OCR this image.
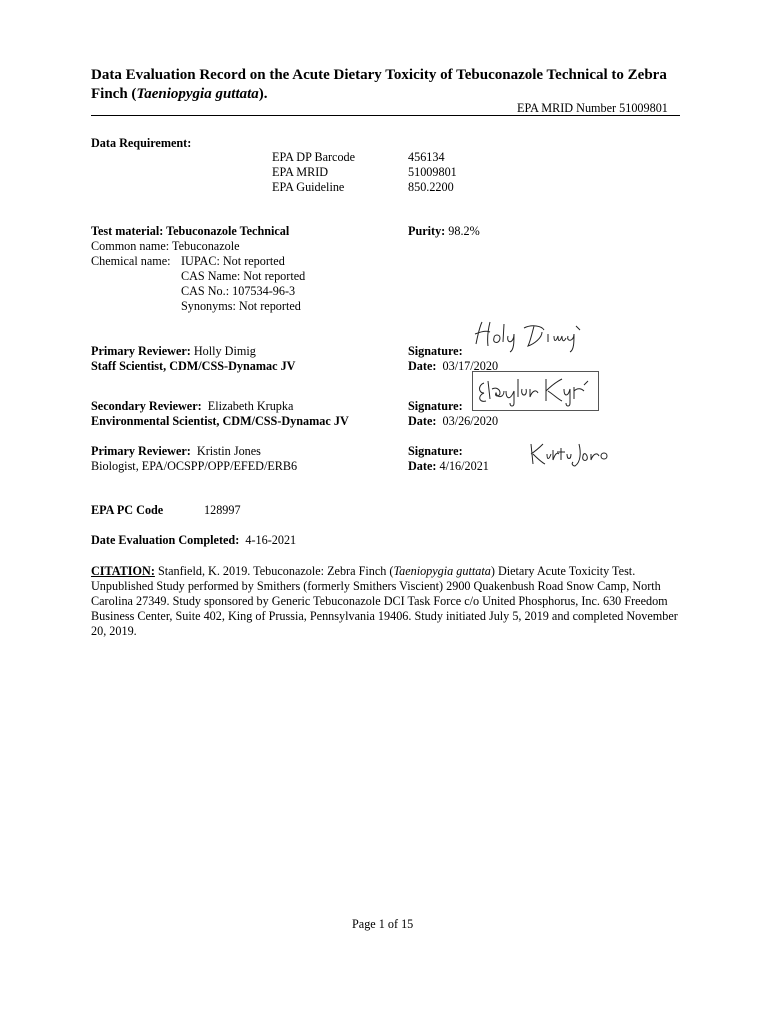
Data Evaluation Record on the Acute Dietary Toxicity of Tebuconazole Technical to Zebra
Finch (Taeniopygia guttata).
EPA MRID Number 51009801
Data Requirement:
EPA DP Barcode	456134
EPA MRID	51009801
EPA Guideline	850.2200
Test material: Tebuconazole Technical	Purity: 98.2%
Common name: Tebuconazole
Chemical name: IUPAC: Not reported
CAS Name: Not reported
CAS No.: 107534-96-3
Synonyms: Not reported
Primary Reviewer: Holly Dimig
Staff Scientist, CDM/CSS-Dynamac JV
Signature:
Date: 03/17/2020
Secondary Reviewer: Elizabeth Krupka
Environmental Scientist, CDM/CSS-Dynamac JV
Signature:
Date: 03/26/2020
Primary Reviewer: Kristin Jones
Biologist, EPA/OCSPP/OPP/EFED/ERB6
Signature:
Date: 4/16/2021
EPA PC Code	128997
Date Evaluation Completed: 4-16-2021
CITATION: Stanfield, K. 2019. Tebuconazole: Zebra Finch (Taeniopygia guttata) Dietary Acute Toxicity Test. Unpublished Study performed by Smithers (formerly Smithers Viscient) 2900 Quakenbush Road Snow Camp, North Carolina 27349. Study sponsored by Generic Tebuconazole DCI Task Force c/o United Phosphorus, Inc. 630 Freedom Business Center, Suite 402, King of Prussia, Pennsylvania 19406. Study initiated July 5, 2019 and completed November 20, 2019.
Page 1 of 15
